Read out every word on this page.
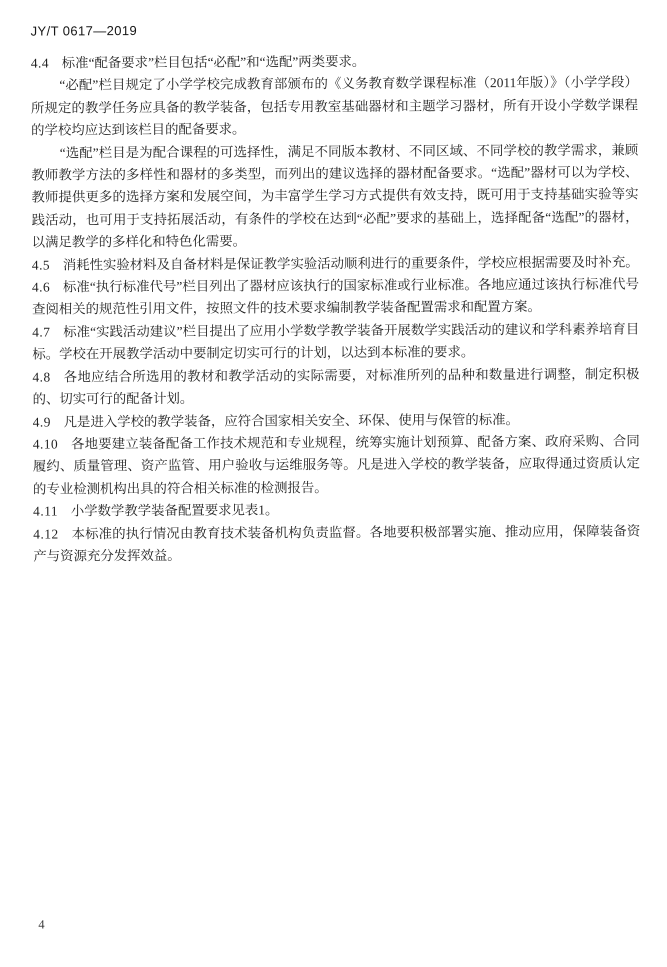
JY/T 0617—2019

4.4 标准“配备要求”栏目包括“必配”和“选配”两类要求。

“必配”栏目规定了小学学校完成教育部颁布的《义务教育数学课程标准（2011年版）》（小学学段）所规定的教学任务应具备的教学装备，包括专用教室基础器材和主题学习器材，所有开设小学数学课程的学校均应达到该栏目的配备要求。

“选配”栏目是为配合课程的可选择性，满足不同版本教材、不同区域、不同学校的教学需求，兼顾教师教学方法的多样性和器材的多类型，而列出的建议选择的器材配备要求。“选配”器材可以为学校、教师提供更多的选择方案和发展空间，为丰富学生学习方式提供有效支持，既可用于支持基础实验等实践活动，也可用于支持拓展活动，有条件的学校在达到“必配”要求的基础上，选择配备“选配”的器材，以满足教学的多样化和特色化需要。

4.5 消耗性实验材料及自备材料是保证教学实验活动顺利进行的重要条件，学校应根据需要及时补充。

4.6 标准“执行标准代号”栏目列出了器材应该执行的国家标准或行业标准。各地应通过该执行标准代号查阅相关的规范性引用文件，按照文件的技术要求编制教学装备配置需求和配置方案。

4.7 标准“实践活动建议”栏目提出了应用小学数学教学装备开展数学实践活动的建议和学科素养培育目标。学校在开展教学活动中要制定切实可行的计划，以达到本标准的要求。

4.8 各地应结合所选用的教材和教学活动的实际需要，对标准所列的品种和数量进行调整，制定积极的、切实可行的配备计划。

4.9 凡是进入学校的教学装备，应符合国家相关安全、环保、使用与保管的标准。

4.10 各地要建立装备配备工作技术规范和专业规程，统筹实施计划预算、配备方案、政府采购、合同履约、质量管理、资产监管、用户验收与运维服务等。凡是进入学校的教学装备，应取得通过资质认定的专业检测机构出具的符合相关标准的检测报告。

4.11 小学数学教学装备配置要求见表1。

4.12 本标准的执行情况由教育技术装备机构负责监督。各地要积极部署实施、推动应用，保障装备资产与资源充分发挥效益。

4
